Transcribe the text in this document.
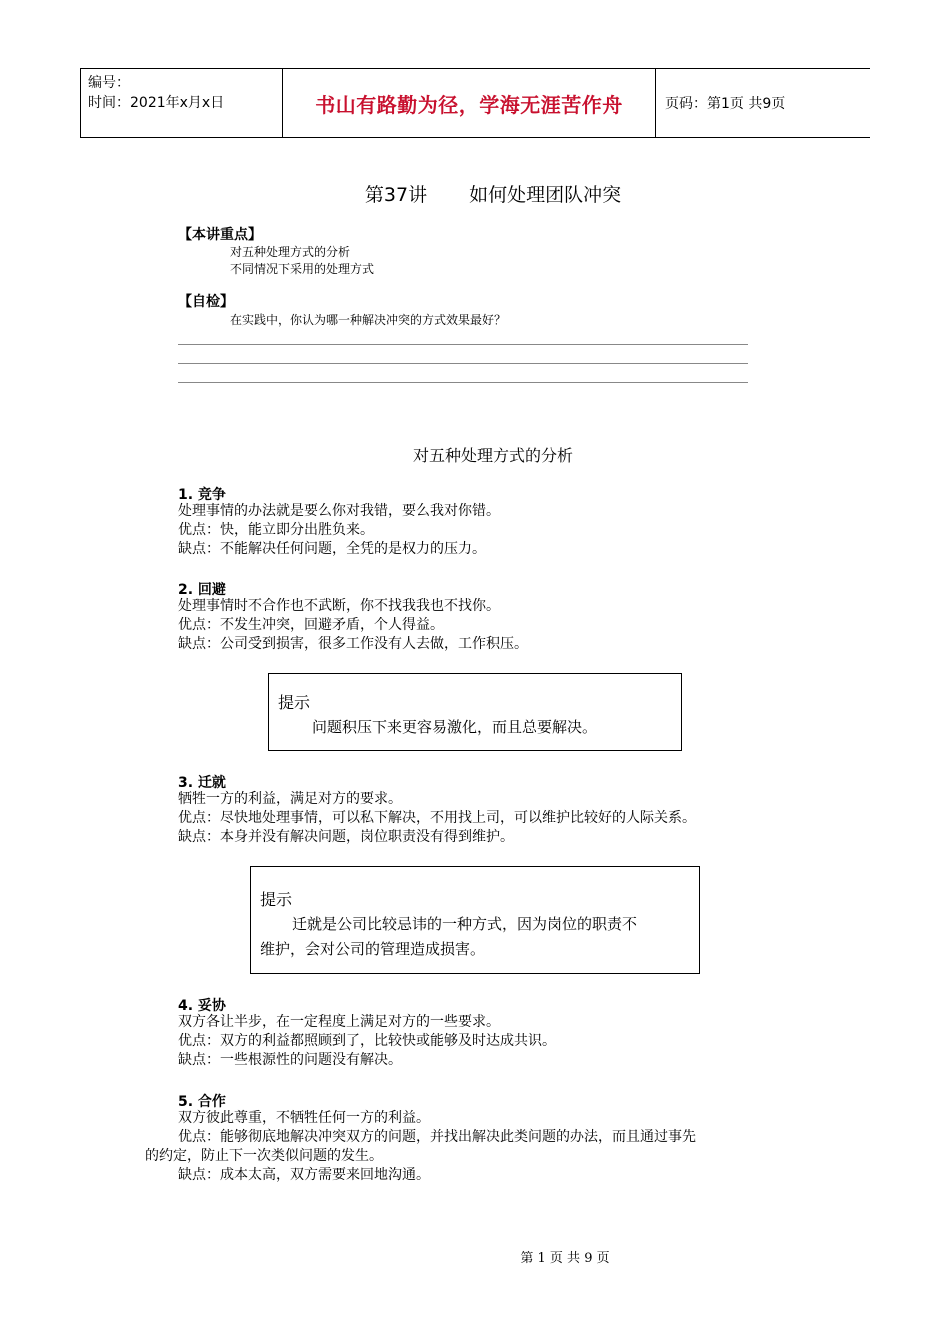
编号：
时间：2021年x月x日	书山有路勤为径，学海无涯苦作舟	页码：第1页 共9页
第37讲 如何处理团队冲突
【本讲重点】
对五种处理方式的分析
不同情况下采用的处理方式
【自检】
在实践中，你认为哪一种解决冲突的方式效果最好？
对五种处理方式的分析
1. 竞争
处理事情的办法就是要么你对我错，要么我对你错。
优点：快，能立即分出胜负来。
缺点：不能解决任何问题，全凭的是权力的压力。
2. 回避
处理事情时不合作也不武断，你不找我我也不找你。
优点：不发生冲突，回避矛盾，个人得益。
缺点：公司受到损害，很多工作没有人去做，工作积压。
提示
问题积压下来更容易激化，而且总要解决。
3. 迁就
牺牲一方的利益，满足对方的要求。
优点：尽快地处理事情，可以私下解决，不用找上司，可以维护比较好的人际关系。
缺点：本身并没有解决问题，岗位职责没有得到维护。
提示
迁就是公司比较忌讳的一种方式，因为岗位的职责不
维护，会对公司的管理造成损害。
4. 妥协
双方各让半步，在一定程度上满足对方的一些要求。
优点：双方的利益都照顾到了，比较快或能够及时达成共识。
缺点：一些根源性的问题没有解决。
5. 合作
双方彼此尊重，不牺牲任何一方的利益。
优点：能够彻底地解决冲突双方的问题，并找出解决此类问题的办法，而且通过事先
的约定，防止下一次类似问题的发生。
缺点：成本太高，双方需要来回地沟通。
第 1 页 共 9 页
